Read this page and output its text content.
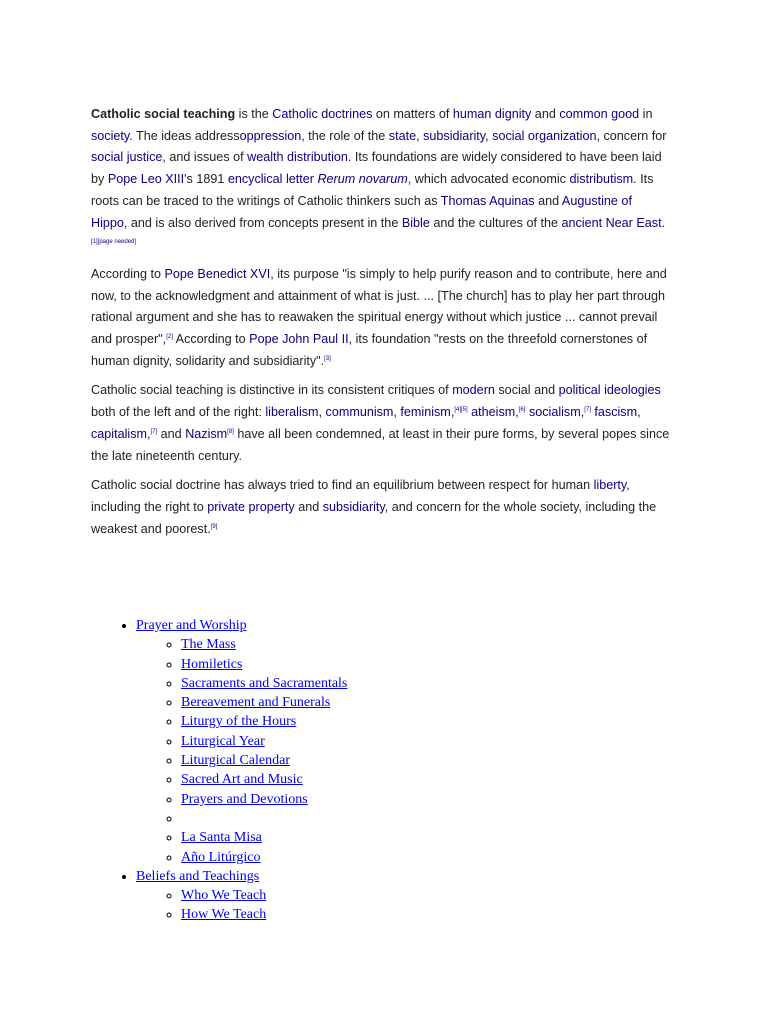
Catholic social teaching is the Catholic doctrines on matters of human dignity and common good in society. The ideas addressoppression, the role of the state, subsidiarity, social organization, concern for social justice, and issues of wealth distribution. Its foundations are widely considered to have been laid by Pope Leo XIII's 1891 encyclical letter Rerum novarum, which advocated economic distributism. Its roots can be traced to the writings of Catholic thinkers such as Thomas Aquinas and Augustine of Hippo, and is also derived from concepts present in the Bible and the cultures of the ancient Near East.[1][page needed]

According to Pope Benedict XVI, its purpose "is simply to help purify reason and to contribute, here and now, to the acknowledgment and attainment of what is just. ... [The church] has to play her part through rational argument and she has to reawaken the spiritual energy without which justice ... cannot prevail and prosper",[2] According to Pope John Paul II, its foundation "rests on the threefold cornerstones of human dignity, solidarity and subsidiarity".[3]

Catholic social teaching is distinctive in its consistent critiques of modern social and political ideologies both of the left and of the right: liberalism, communism, feminism,[4][5] atheism,[6] socialism,[7] fascism, capitalism,[7] and Nazism[8] have all been condemned, at least in their pure forms, by several popes since the late nineteenth century.

Catholic social doctrine has always tried to find an equilibrium between respect for human liberty, including the right to private property and subsidiarity, and concern for the whole society, including the weakest and poorest.[9]

• Prayer and Worship
◦ The Mass
◦ Homiletics
◦ Sacraments and Sacramentals
◦ Bereavement and Funerals
◦ Liturgy of the Hours
◦ Liturgical Year
◦ Liturgical Calendar
◦ Sacred Art and Music
◦ Prayers and Devotions
◦
◦ La Santa Misa
◦ Año Litúrgico
• Beliefs and Teachings
◦ Who We Teach
◦ How We Teach
